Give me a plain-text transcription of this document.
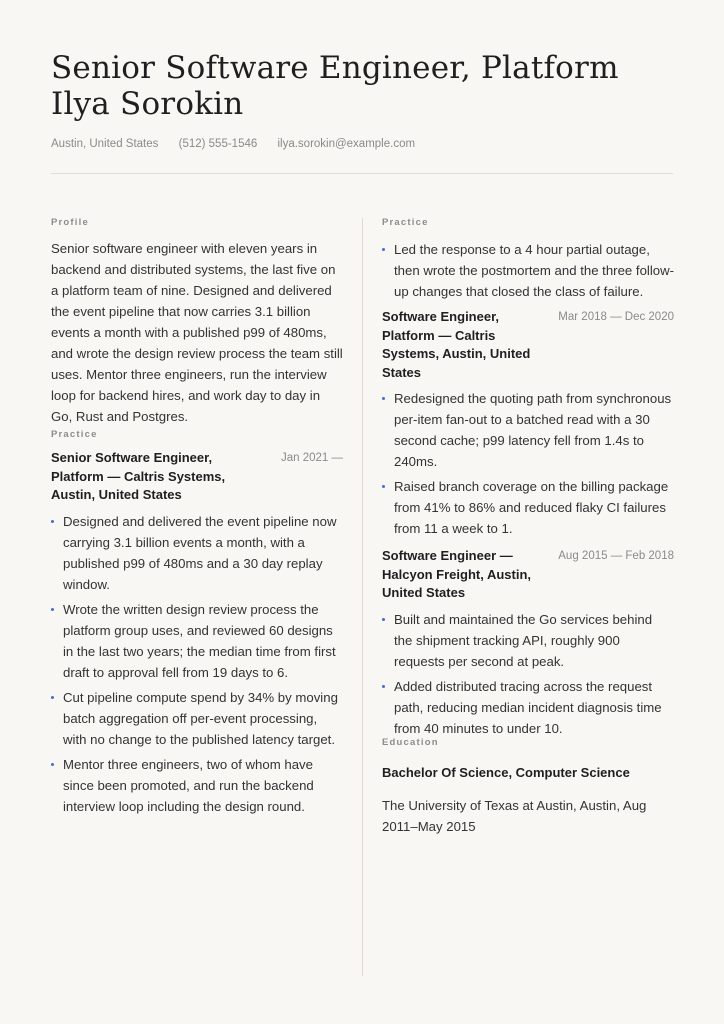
Senior Software Engineer, Platform
Ilya Sorokin
Austin, United States (512) 555-1546 ilya.sorokin@example.com

Profile

Senior software engineer with eleven years in backend and distributed systems, the last five on a platform team of nine. Designed and delivered the event pipeline that now carries 3.1 billion events a month with a published p99 of 480ms, and wrote the design review process the team still uses. Mentor three engineers, run the interview loop for backend hires, and work day to day in Go, Rust and Postgres.

Practice

Senior Software Engineer, Platform — Caltris Systems, Austin, United States

Jan 2021 —
Designed and delivered the event pipeline now carrying 3.1 billion events a month, with a published p99 of 480ms and a 30 day replay window.
Wrote the written design review process the platform group uses, and reviewed 60 designs in the last two years; the median time from first draft to approval fell from 19 days to 6.
Cut pipeline compute spend by 34% by moving batch aggregation off per-event processing, with no change to the published latency target.
Mentor three engineers, two of whom have since been promoted, and run the backend interview loop including the design round.

Practice

Led the response to a 4 hour partial outage, then wrote the postmortem and the three follow-up changes that closed the class of failure.

Software Engineer, Platform — Caltris Systems, Austin, United States

Mar 2018 — Dec 2020
Redesigned the quoting path from synchronous per-item fan-out to a batched read with a 30 second cache; p99 latency fell from 1.4s to 240ms.
Raised branch coverage on the billing package from 41% to 86% and reduced flaky CI failures from 11 a week to 1.

Software Engineer — Halcyon Freight, Austin, United States

Aug 2015 — Feb 2018
Built and maintained the Go services behind the shipment tracking API, roughly 900 requests per second at peak.
Added distributed tracing across the request path, reducing median incident diagnosis time from 40 minutes to under 10.

Education

Bachelor Of Science, Computer Science

The University of Texas at Austin, Austin, Aug 2011–May 2015
